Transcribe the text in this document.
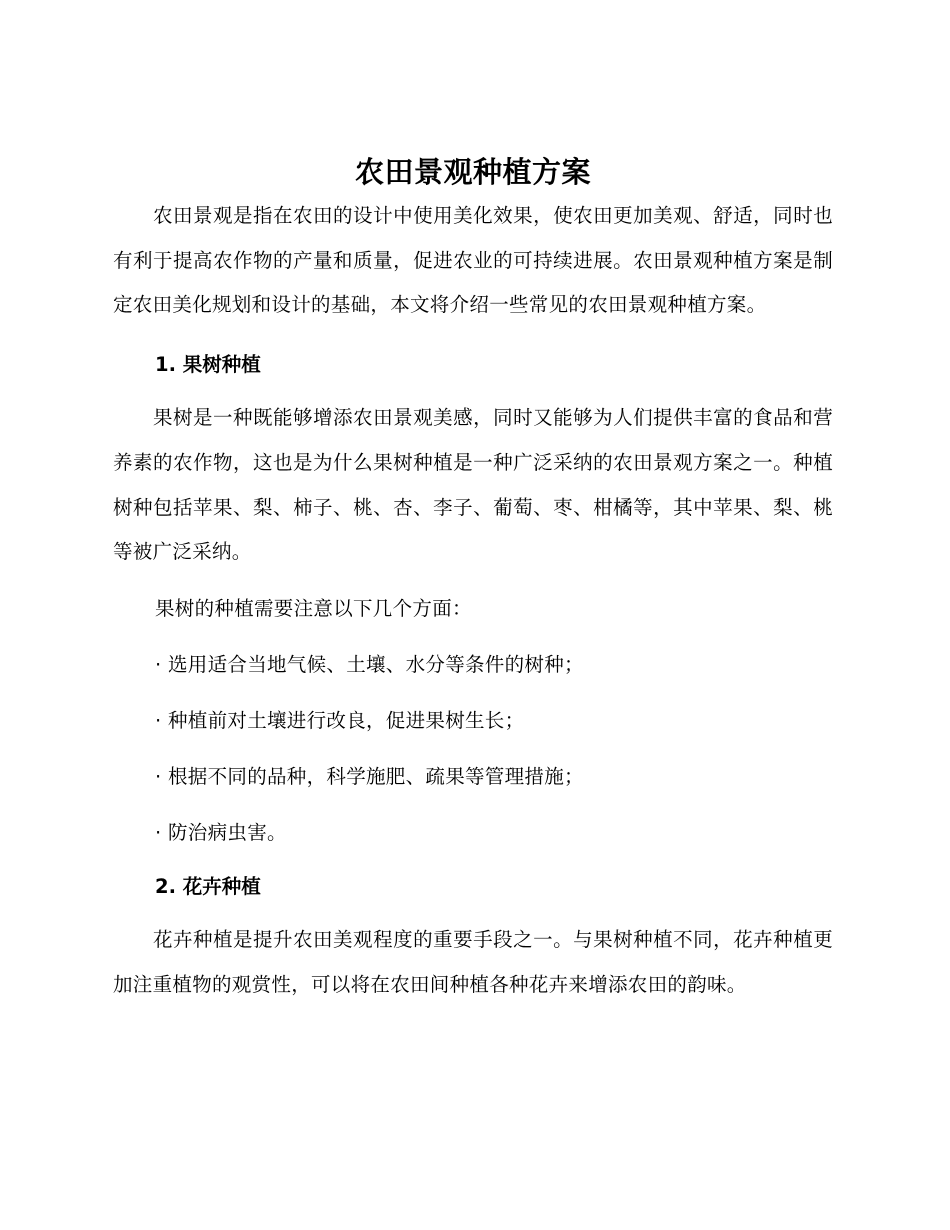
农田景观种植方案

农田景观是指在农田的设计中使用美化效果，使农田更加美观、舒适，同时也有利于提高农作物的产量和质量，促进农业的可持续进展。农田景观种植方案是制定农田美化规划和设计的基础，本文将介绍一些常见的农田景观种植方案。

1. 果树种植

果树是一种既能够增添农田景观美感，同时又能够为人们提供丰富的食品和营养素的农作物，这也是为什么果树种植是一种广泛采纳的农田景观方案之一。种植树种包括苹果、梨、柿子、桃、杏、李子、葡萄、枣、柑橘等，其中苹果、梨、桃等被广泛采纳。

果树的种植需要注意以下几个方面：

· 选用适合当地气候、土壤、水分等条件的树种；

· 种植前对土壤进行改良，促进果树生长；

· 根据不同的品种，科学施肥、疏果等管理措施；

· 防治病虫害。

2. 花卉种植

花卉种植是提升农田美观程度的重要手段之一。与果树种植不同，花卉种植更加注重植物的观赏性，可以将在农田间种植各种花卉来增添农田的韵味。
